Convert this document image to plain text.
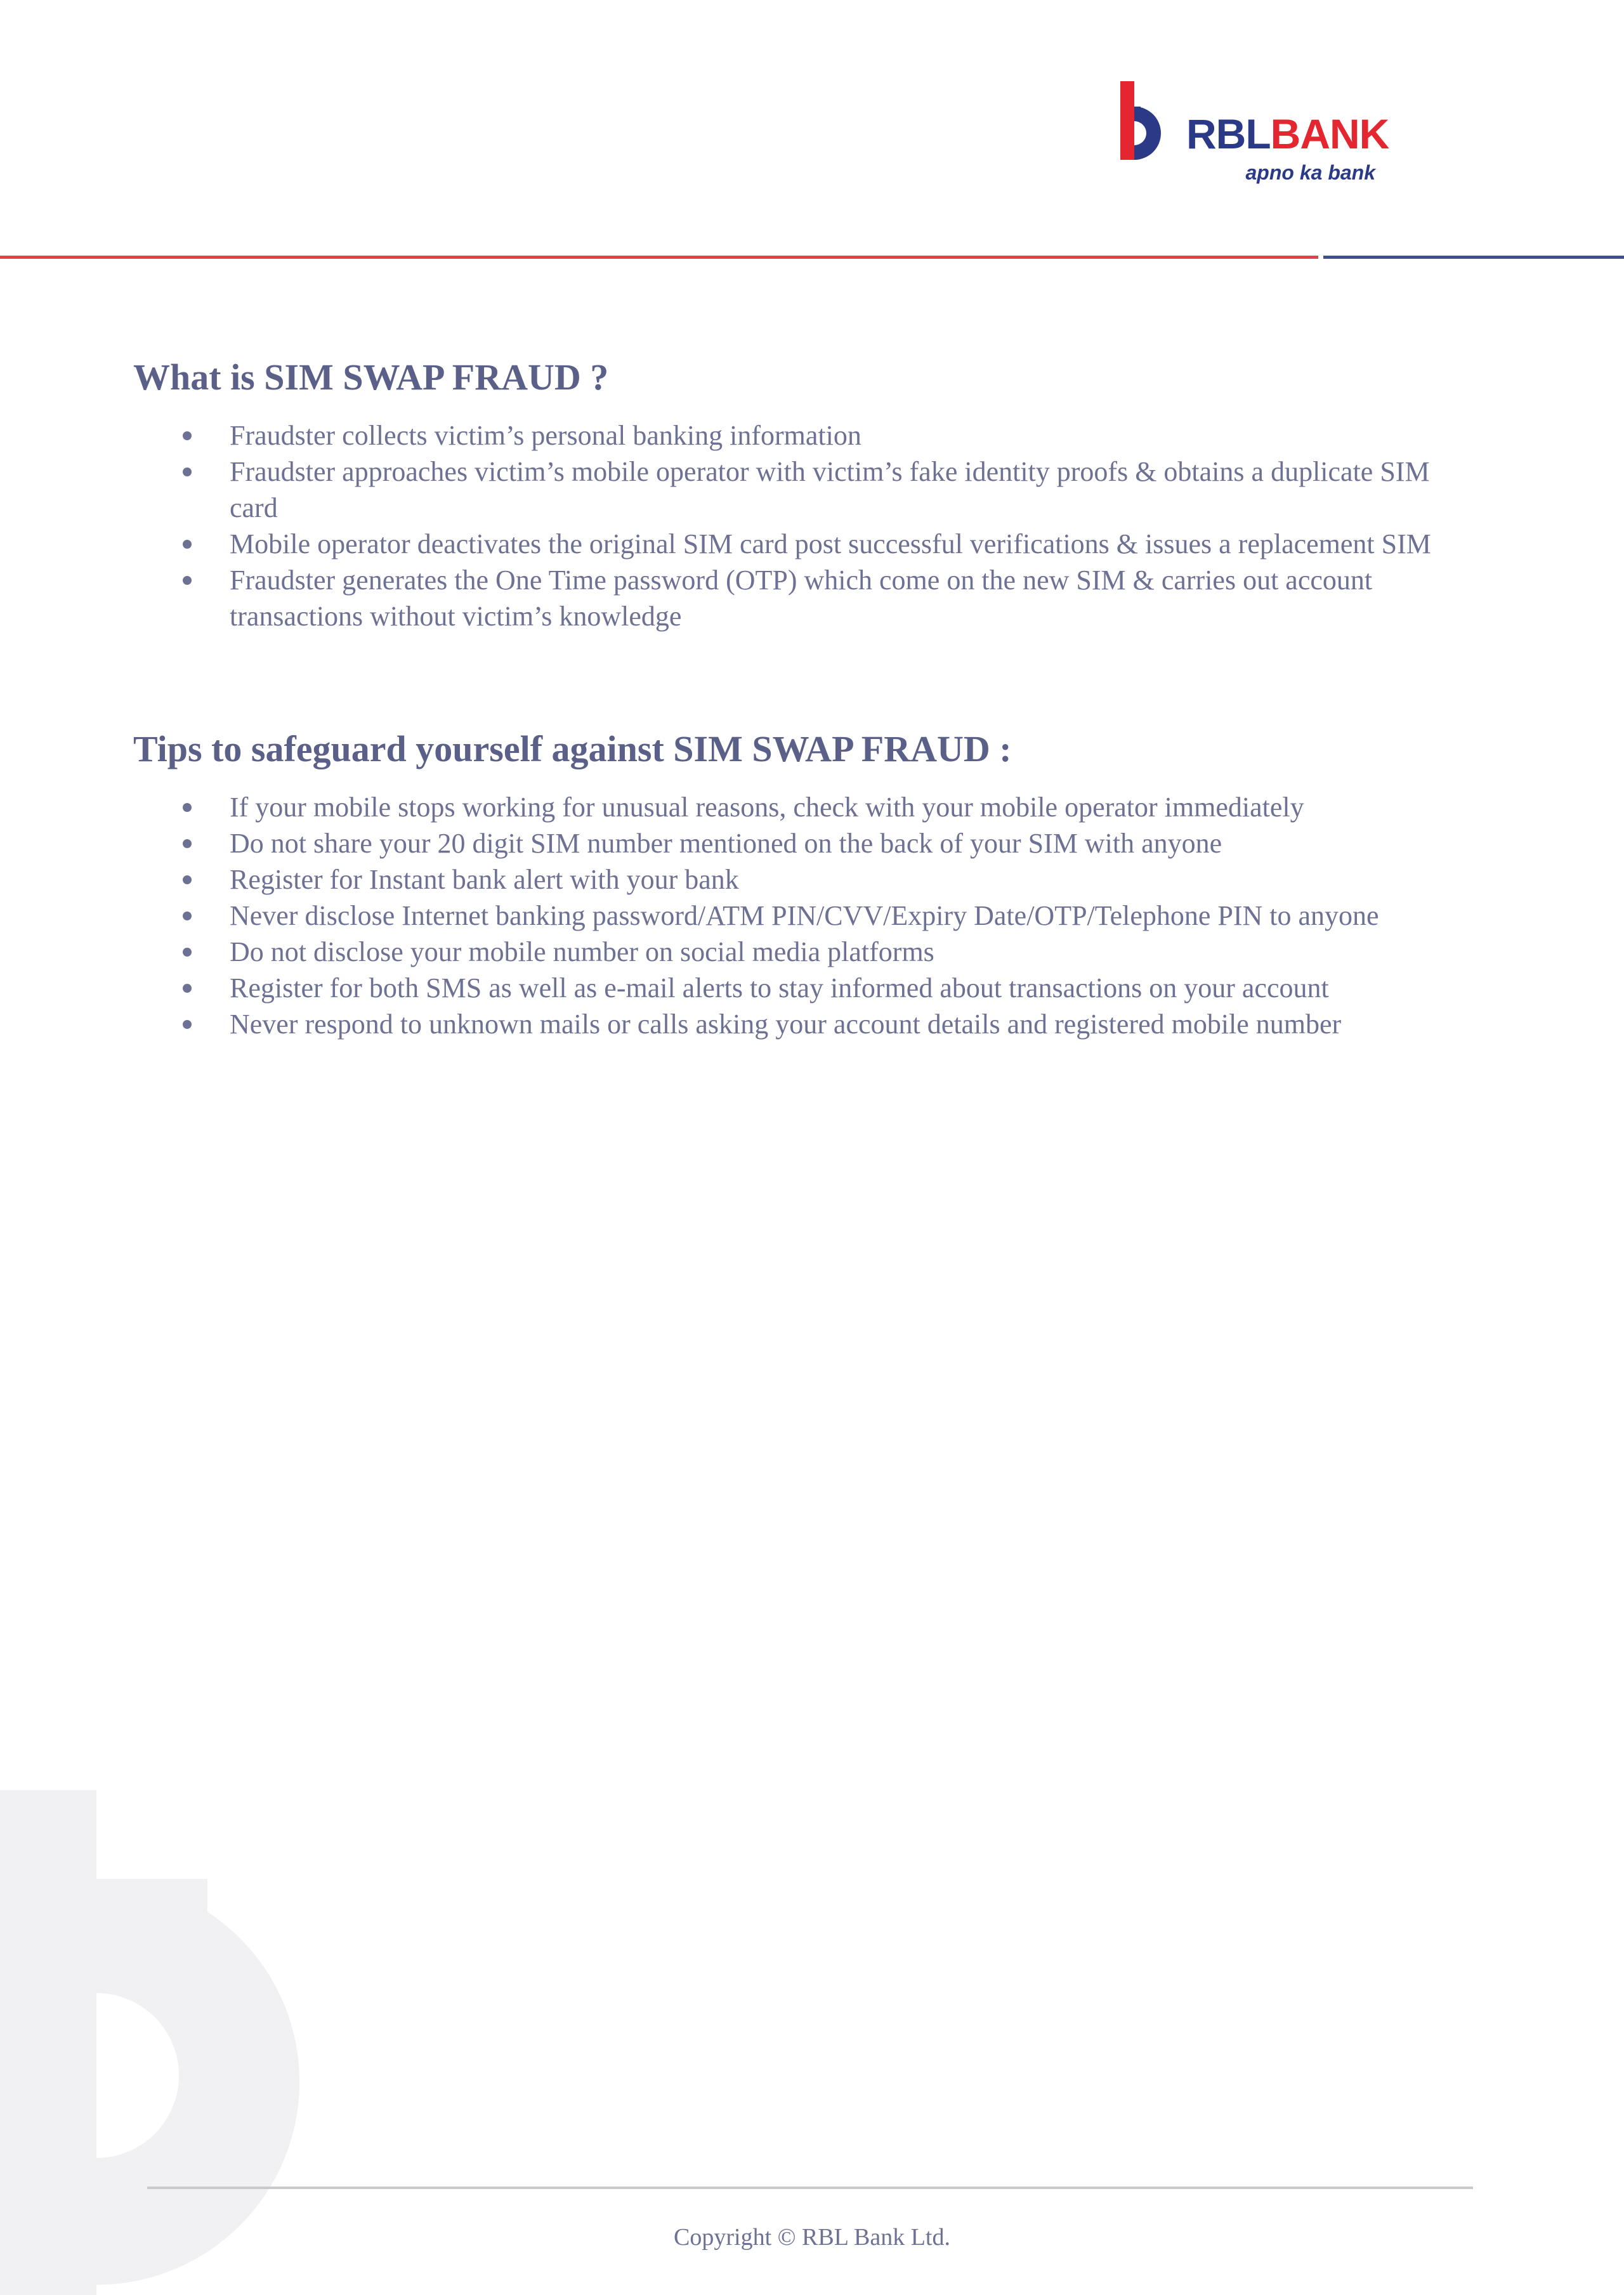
RBLBANK
apno ka bank
What is SIM SWAP FRAUD ?
Fraudster collects victim’s personal banking information
Fraudster approaches victim’s mobile operator with victim’s fake identity proofs & obtains a duplicate SIM card
Mobile operator deactivates the original SIM card post successful verifications & issues a replacement SIM
Fraudster generates the One Time password (OTP) which come on the new SIM & carries out account transactions without victim’s knowledge
Tips to safeguard yourself against SIM SWAP FRAUD :
If your mobile stops working for unusual reasons, check with your mobile operator immediately
Do not share your 20 digit SIM number mentioned on the back of your SIM with anyone
Register for Instant bank alert with your bank
Never disclose Internet banking password/ATM PIN/CVV/Expiry Date/OTP/Telephone PIN to anyone
Do not disclose your mobile number on social media platforms
Register for both SMS as well as e-mail alerts to stay informed about transactions on your account
Never respond to unknown mails or calls asking your account details and registered mobile number
Copyright © RBL Bank Ltd.
